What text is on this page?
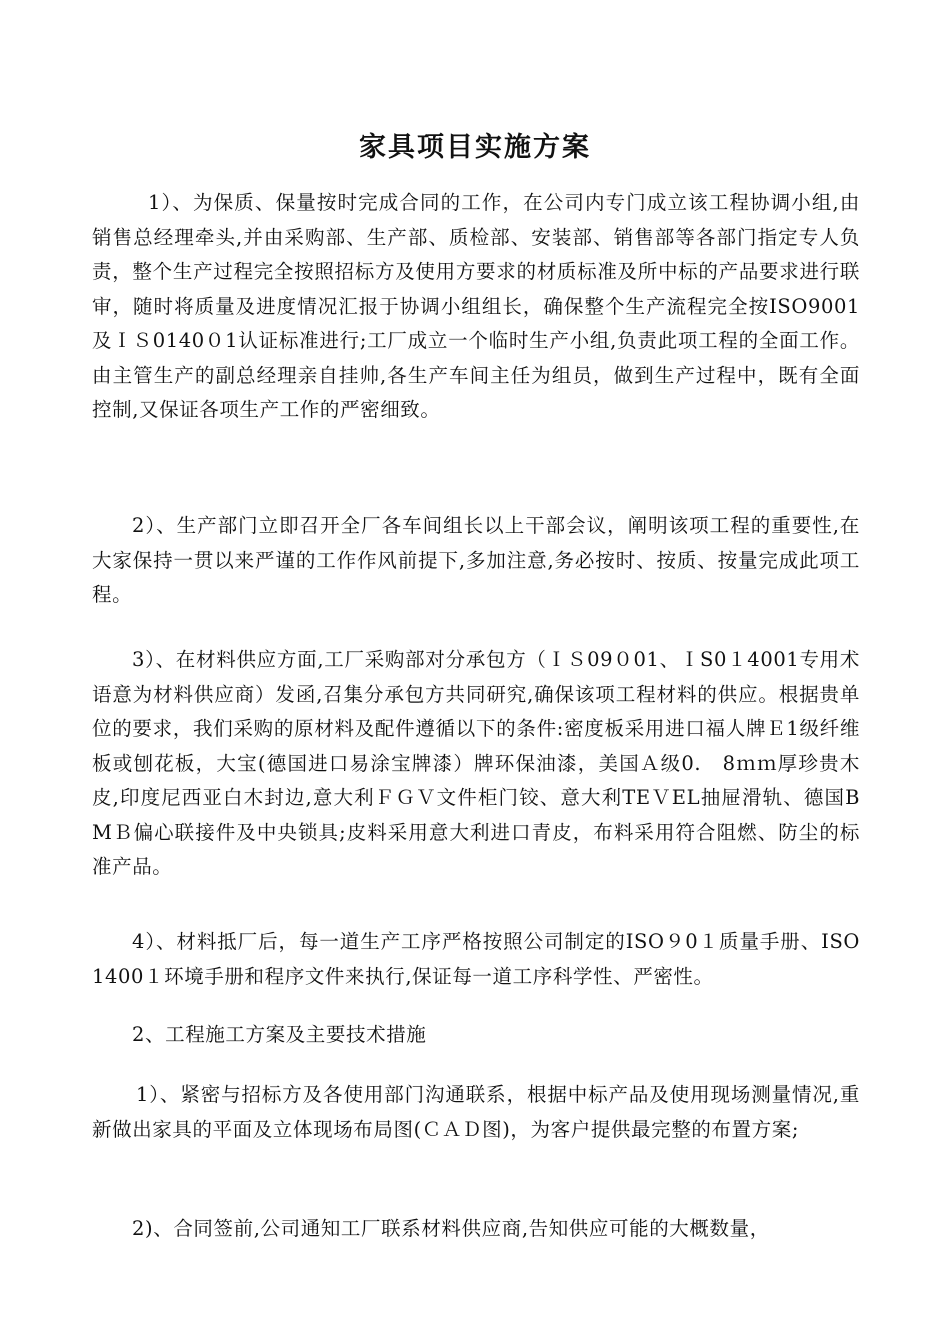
家具项目实施方案

1）、为保质、保量按时完成合同的工作，在公司内专门成立该工程协调小组,由销售总经理牵头,并由采购部、生产部、质检部、安装部、销售部等各部门指定专人负责，整个生产过程完全按照招标方及使用方要求的材质标准及所中标的产品要求进行联审，随时将质量及进度情况汇报于协调小组组长，确保整个生产流程完全按ISO9001及ＩＳ0140０1认证标准进行;工厂成立一个临时生产小组,负责此项工程的全面工作。由主管生产的副总经理亲自挂帅,各生产车间主任为组员，做到生产过程中，既有全面控制,又保证各项生产工作的严密细致。

2）、生产部门立即召开全厂各车间组长以上干部会议，阐明该项工程的重要性,在大家保持一贯以来严谨的工作作风前提下,多加注意,务必按时、按质、按量完成此项工程。

3）、在材料供应方面,工厂采购部对分承包方（ＩＳ09０01、ＩS0１4001专用术语意为材料供应商）发函,召集分承包方共同研究,确保该项工程材料的供应。根据贵单位的要求，我们采购的原材料及配件遵循以下的条件:密度板采用进口福人牌Ｅ1级纤维板或刨花板，大宝(德国进口易涂宝牌漆）牌环保油漆，美国Ａ级0.　8ｍｍ厚珍贵木皮,印度尼西亚白木封边,意大利ＦＧＶ文件柜门铰、意大利TEＶEL抽屉滑轨、德国BMＢ偏心联接件及中央锁具;皮料采用意大利进口青皮，布料采用符合阻燃、防尘的标准产品。

4）、材料抵厂后，每一道生产工序严格按照公司制定的ISO９0１质量手册、ISO1400１环境手册和程序文件来执行,保证每一道工序科学性、严密性。

2、工程施工方案及主要技术措施

1）、紧密与招标方及各使用部门沟通联系，根据中标产品及使用现场测量情况,重新做出家具的平面及立体现场布局图(ＣＡＤ图)，为客户提供最完整的布置方案;

2)、合同签前,公司通知工厂联系材料供应商,告知供应可能的大概数量，
